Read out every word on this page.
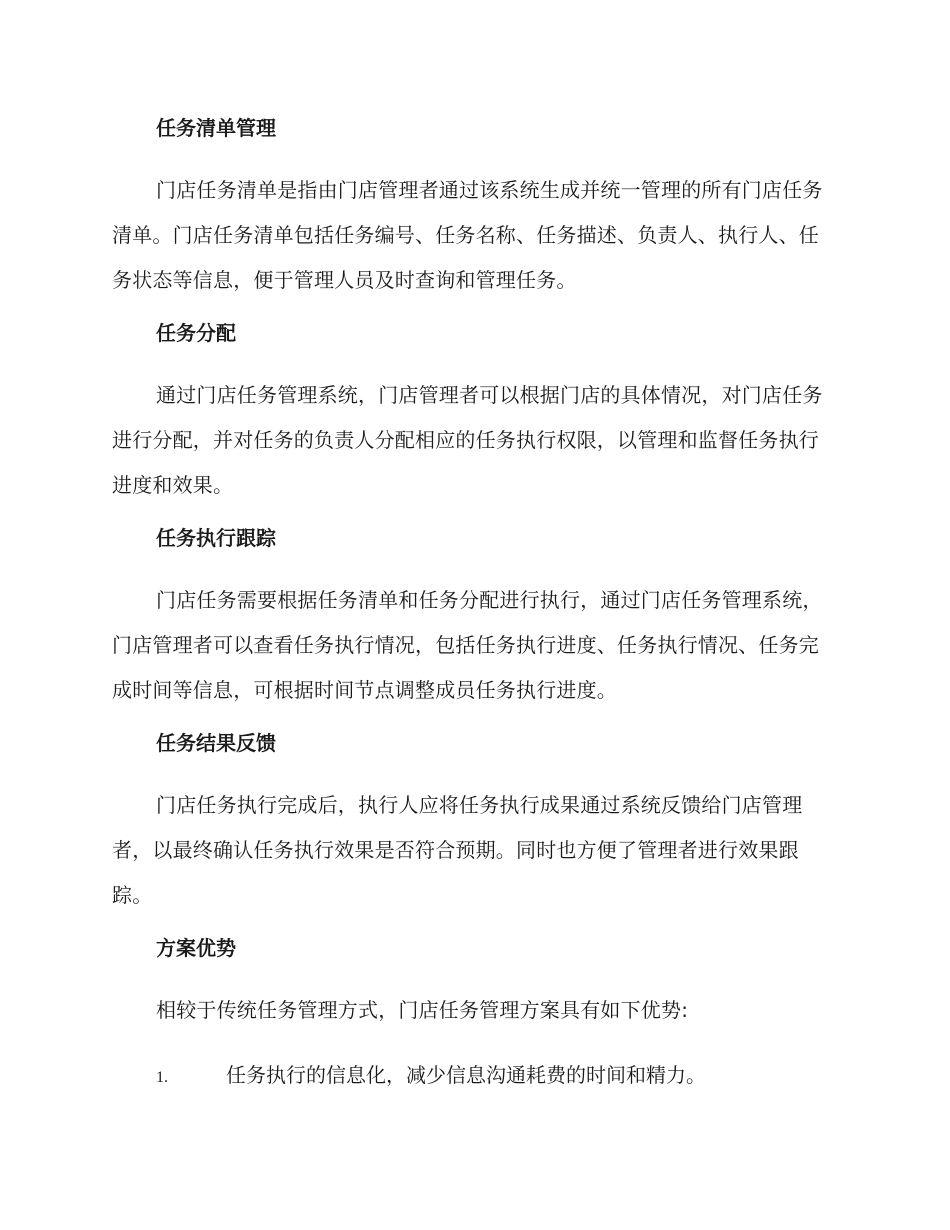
任务清单管理

门店任务清单是指由门店管理者通过该系统生成并统一管理的所有门店任务清单。门店任务清单包括任务编号、任务名称、任务描述、负责人、执行人、任务状态等信息，便于管理人员及时查询和管理任务。

任务分配

通过门店任务管理系统，门店管理者可以根据门店的具体情况，对门店任务进行分配，并对任务的负责人分配相应的任务执行权限，以管理和监督任务执行进度和效果。

任务执行跟踪

门店任务需要根据任务清单和任务分配进行执行，通过门店任务管理系统，门店管理者可以查看任务执行情况，包括任务执行进度、任务执行情况、任务完成时间等信息，可根据时间节点调整成员任务执行进度。

任务结果反馈

门店任务执行完成后，执行人应将任务执行成果通过系统反馈给门店管理者，以最终确认任务执行效果是否符合预期。同时也方便了管理者进行效果跟踪。

方案优势

相较于传统任务管理方式，门店任务管理方案具有如下优势:

1.	任务执行的信息化，减少信息沟通耗费的时间和精力。
